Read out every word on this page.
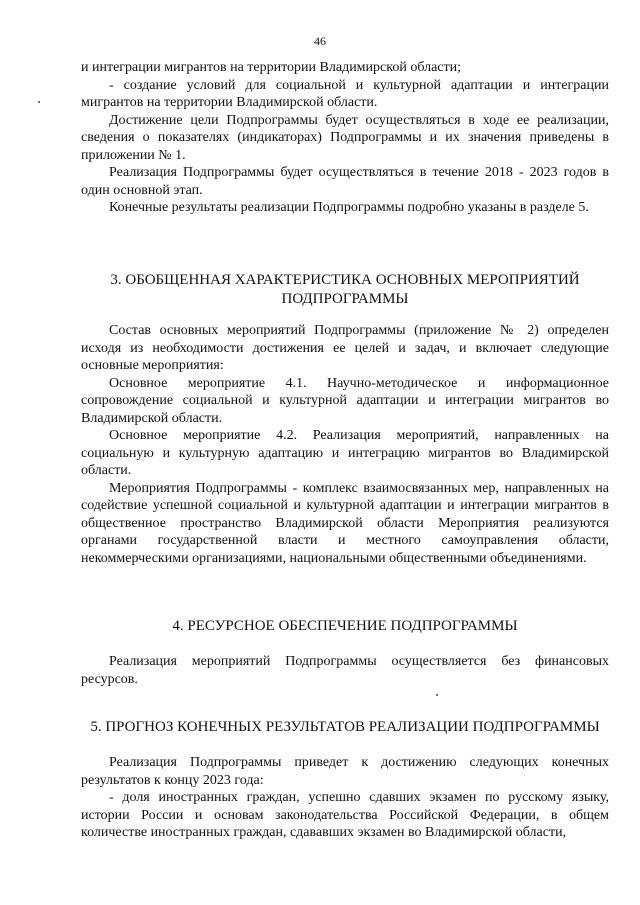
46

и интеграции мигрантов на территории Владимирской области;

- создание условий для социальной и культурной адаптации и интеграции мигрантов на территории Владимирской области.

Достижение цели Подпрограммы будет осуществляться в ходе ее реализации, сведения о показателях (индикаторах) Подпрограммы и их значения приведены в приложении № 1.

Реализация Подпрограммы будет осуществляться в течение 2018 - 2023 годов в один основной этап.

Конечные результаты реализации Подпрограммы подробно указаны в разделе 5.

3. ОБОБЩЕННАЯ ХАРАКТЕРИСТИКА ОСНОВНЫХ МЕРОПРИЯТИЙ ПОДПРОГРАММЫ

Состав основных мероприятий Подпрограммы (приложение № 2) определен исходя из необходимости достижения ее целей и задач, и включает следующие основные мероприятия:

Основное мероприятие 4.1. Научно-методическое и информационное сопровождение социальной и культурной адаптации и интеграции мигрантов во Владимирской области.

Основное мероприятие 4.2. Реализация мероприятий, направленных на социальную и культурную адаптацию и интеграцию мигрантов во Владимирской области.

Мероприятия Подпрограммы - комплекс взаимосвязанных мер, направленных на содействие успешной социальной и культурной адаптации и интеграции мигрантов в общественное пространство Владимирской области Мероприятия реализуются органами государственной власти и местного самоуправления области, некоммерческими организациями, национальными общественными объединениями.

4. РЕСУРСНОЕ ОБЕСПЕЧЕНИЕ ПОДПРОГРАММЫ

Реализация мероприятий Подпрограммы осуществляется без финансовых ресурсов.

5. ПРОГНОЗ КОНЕЧНЫХ РЕЗУЛЬТАТОВ РЕАЛИЗАЦИИ ПОДПРОГРАММЫ

Реализация Подпрограммы приведет к достижению следующих конечных результатов к концу 2023 года:

- доля иностранных граждан, успешно сдавших экзамен по русскому языку, истории России и основам законодательства Российской Федерации, в общем количестве иностранных граждан, сдававших экзамен во Владимирской области,
